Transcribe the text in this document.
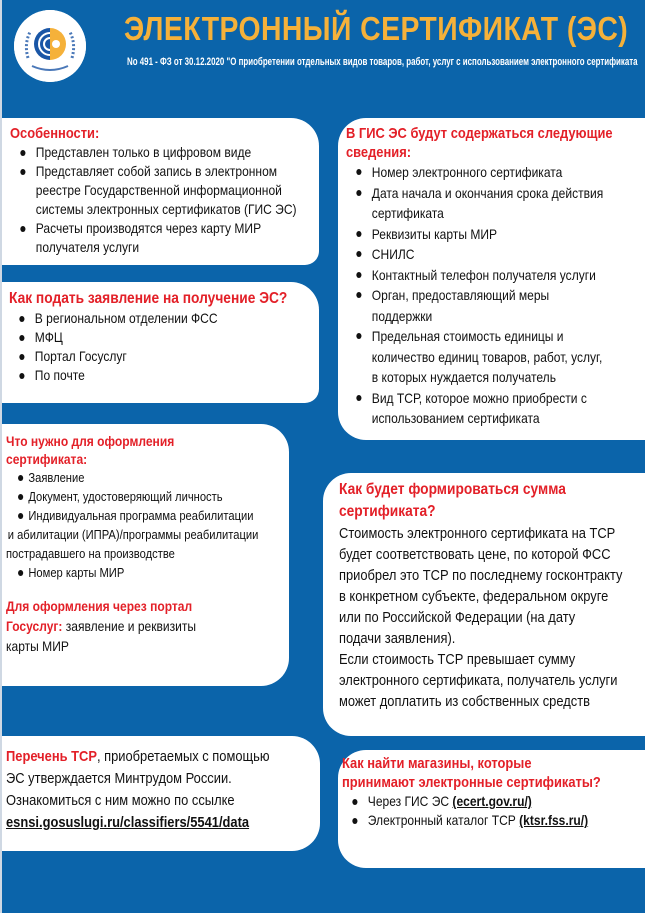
ЭЛЕКТРОННЫЙ СЕРТИФИКАТ (ЭС)
No 491 - ФЗ от 30.12.2020 "О приобретении отдельных видов товаров, работ, услуг с использованием электронного сертификата
Особенности:
Представлен только в цифровом виде
Представляет собой запись в электронном
реестре Государственной информационной
системы электронных сертификатов (ГИС ЭС)
Расчеты производятся через карту МИР
получателя услуги
Как подать заявление на получение ЭС?
В региональном отделении ФСС
МФЦ
Портал Госуслуг
По почте
Что нужно для оформления
сертификата:
Заявление
Документ, удостоверяющий личность
Индивидуальная программа реабилитации
и абилитации (ИПРА)/программы реабилитации
пострадавшего на производстве
Номер карты МИР
Для оформления через портал
Госуслуг: заявление и реквизиты
карты МИР
Перечень ТСР, приобретаемых с помощью
ЭС утверждается Минтрудом России.
Ознакомиться с ним можно по ссылке
esnsi.gosuslugi.ru/classifiers/5541/data
В ГИС ЭС будут содержаться следующие
сведения:
Номер электронного сертификата
Дата начала и окончания срока действия
сертификата
Реквизиты карты МИР
СНИЛС
Контактный телефон получателя услуги
Орган, предоставляющий меры
поддержки
Предельная стоимость единицы и
количество единиц товаров, работ, услуг,
в которых нуждается получатель
Вид ТСР, которое можно приобрести с
использованием сертификата
Как будет формироваться сумма
сертификата?
Стоимость электронного сертификата на ТСР
будет соответствовать цене, по которой ФСС
приобрел это ТСР по последнему госконтракту
в конкретном субъекте, федеральном округе
или по Российской Федерации (на дату
подачи заявления).
Если стоимость ТСР превышает сумму
электронного сертификата, получатель услуги
может доплатить из собственных средств
Как найти магазины, которые
принимают электронные сертификаты?
Через ГИС ЭС (ecert.gov.ru/)
Электронный каталог ТСР (ktsr.fss.ru/)
